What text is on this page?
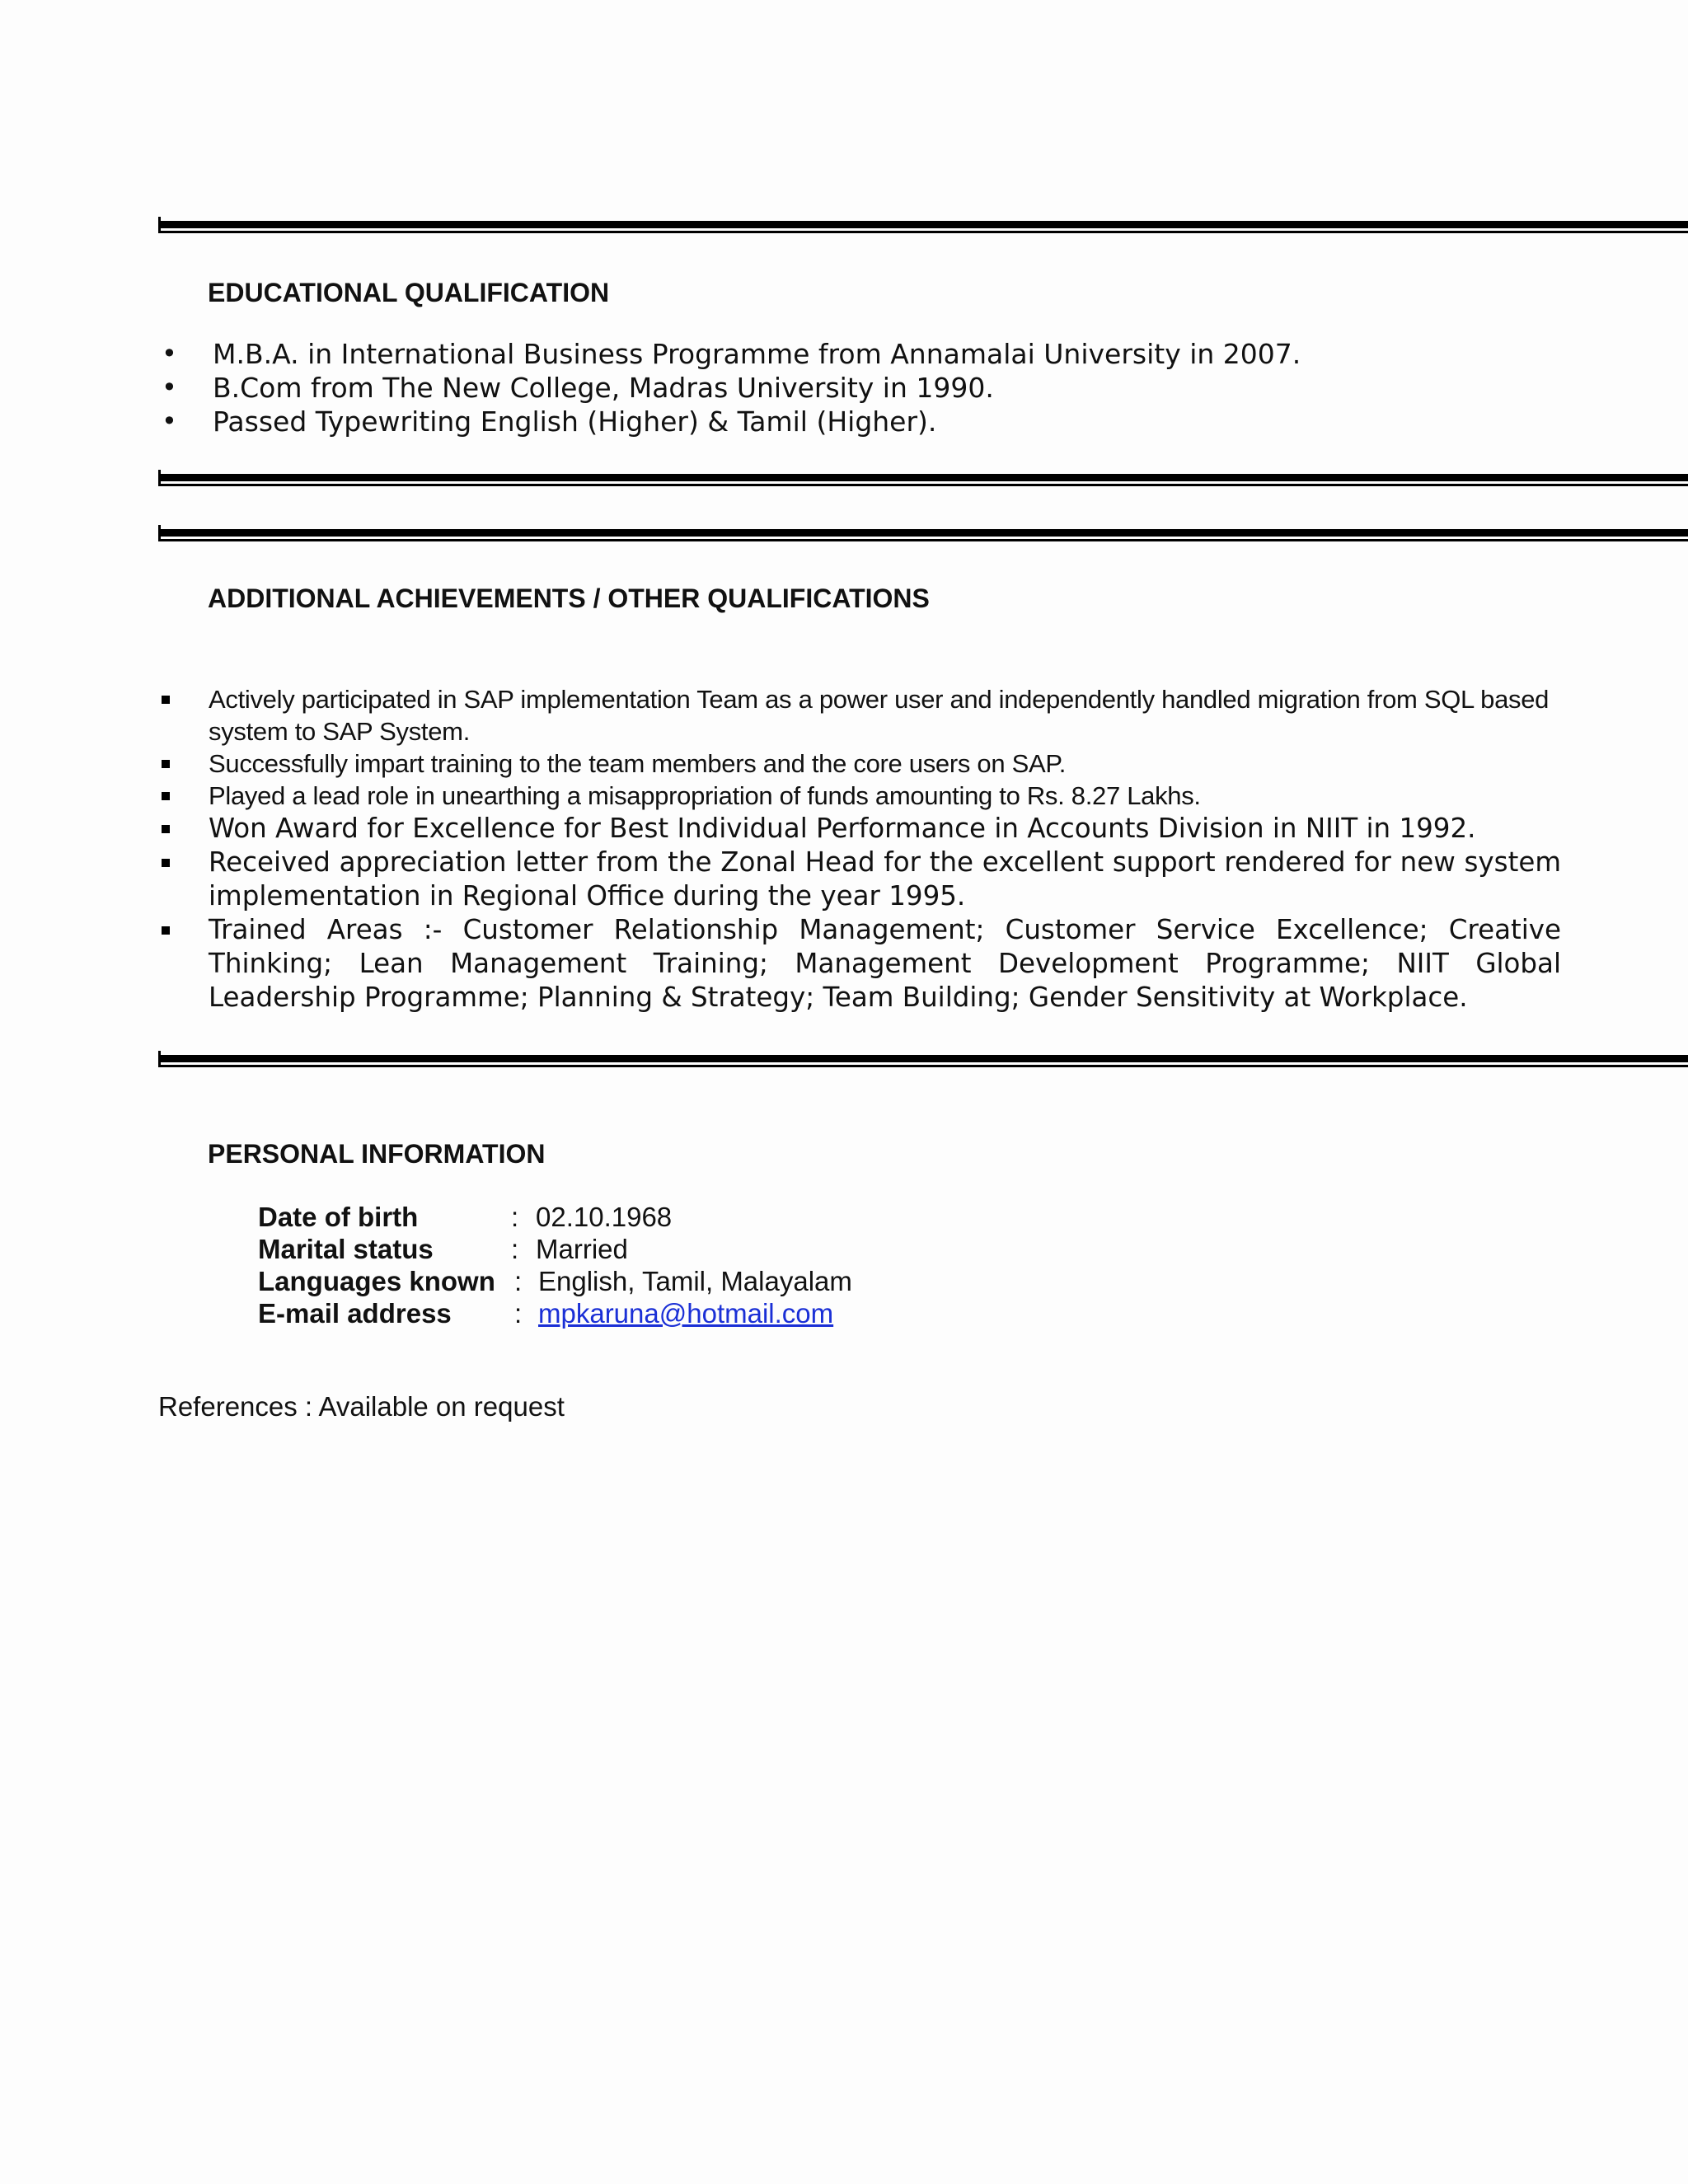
EDUCATIONAL QUALIFICATION
• M.B.A. in International Business Programme from Annamalai University in 2007.
• B.Com from The New College, Madras University in 1990.
• Passed Typewriting English (Higher) & Tamil (Higher).
ADDITIONAL ACHIEVEMENTS / OTHER QUALIFICATIONS
Actively participated in SAP implementation Team as a power user and independently handled migration from SQL based system to SAP System.
Successfully impart training to the team members and the core users on SAP.
Played a lead role in unearthing a misappropriation of funds amounting to Rs. 8.27 Lakhs.
Won Award for Excellence for Best Individual Performance in Accounts Division in NIIT in 1992.
Received appreciation letter from the Zonal Head for the excellent support rendered for new system implementation in Regional Office during the year 1995.
Trained Areas :- Customer Relationship Management; Customer Service Excellence; Creative Thinking; Lean Management Training; Management Development Programme; NIIT Global Leadership Programme; Planning & Strategy; Team Building; Gender Sensitivity at Workplace.
PERSONAL INFORMATION
Date of birth	: 02.10.1968
Marital status	: Married
Languages known : English, Tamil, Malayalam
E-mail address : mpkaruna@hotmail.com
References : Available on request
